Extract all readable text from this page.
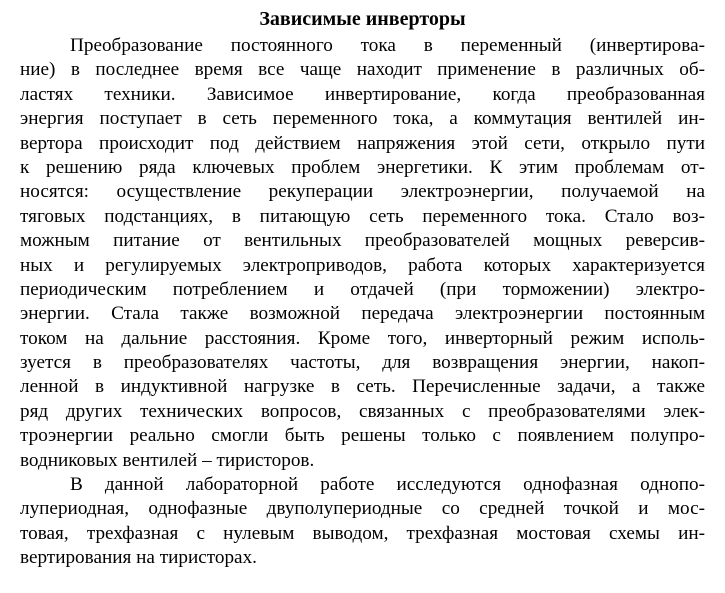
Зависимые инверторы

Преобразование постоянного тока в переменный (инвертирова-
ние) в последнее время все чаще находит применение в различных об-
ластях техники. Зависимое инвертирование, когда преобразованная
энергия поступает в сеть переменного тока, а коммутация вентилей ин-
вертора происходит под действием напряжения этой сети, открыло пути
к решению ряда ключевых проблем энергетики. К этим проблемам от-
носятся: осуществление рекуперации электроэнергии, получаемой на
тяговых подстанциях, в питающую сеть переменного тока. Стало воз-
можным питание от вентильных преобразователей мощных реверсив-
ных и регулируемых электроприводов, работа которых характеризуется
периодическим потреблением и отдачей (при торможении) электро-
энергии. Стала также возможной передача электроэнергии постоянным
током на дальние расстояния. Кроме того, инверторный режим исполь-
зуется в преобразователях частоты, для возвращения энергии, накоп-
ленной в индуктивной нагрузке в сеть. Перечисленные задачи, а также
ряд других технических вопросов, связанных с преобразователями элек-
троэнергии реально смогли быть решены только с появлением полупро-
водниковых вентилей – тиристоров.

В данной лабораторной работе исследуются однофазная однопо-
лупериодная, однофазные двуполупериодные со средней точкой и мос-
товая, трехфазная с нулевым выводом, трехфазная мостовая схемы ин-
вертирования на тиристорах.
